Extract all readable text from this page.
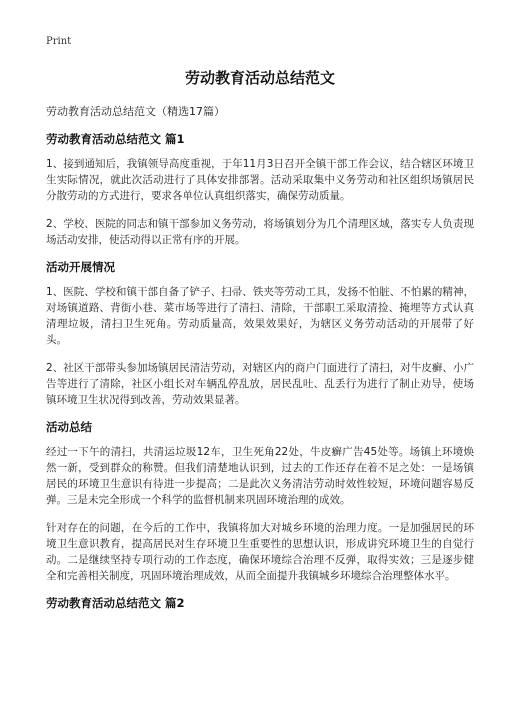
Print
劳动教育活动总结范文

劳动教育活动总结范文（精选17篇）

劳动教育活动总结范文 篇1

1、接到通知后，我镇领导高度重视，于年11月3日召开全镇干部工作会议，结合辖区环境卫生实际情况，就此次活动进行了具体安排部署。活动采取集中义务劳动和社区组织场镇居民分散劳动的方式进行，要求各单位认真组织落实，确保劳动质量。

2、学校、医院的同志和镇干部参加义务劳动，将场镇划分为几个清理区域，落实专人负责现场活动安排，使活动得以正常有序的开展。

活动开展情况

1、医院、学校和镇干部自备了铲子、扫帚、铁夹等劳动工具，发扬不怕脏、不怕累的精神，对场镇道路、背街小巷、菜市场等进行了清扫、清除，干部职工采取清捡、掩埋等方式认真清理垃圾，清扫卫生死角。劳动质量高，效果效果好，为辖区义务劳动活动的开展带了好头。

2、社区干部带头参加场镇居民清洁劳动，对辖区内的商户门面进行了清扫，对牛皮癣、小广告等进行了清除，社区小组长对车辆乱停乱放，居民乱吐、乱丢行为进行了制止劝导，使场镇环境卫生状况得到改善，劳动效果显著。

活动总结

经过一下午的清扫，共清运垃圾12车，卫生死角22处，牛皮癣广告45处等。场镇上环境焕然一新，受到群众的称赞。但我们清楚地认识到，过去的工作还存在着不足之处：一是场镇居民的环境卫生意识有待进一步提高；二是此次义务清洁劳动时效性较短，环境问题容易反弹。三是未完全形成一个科学的监督机制来巩固环境治理的成效。

针对存在的问题，在今后的工作中，我镇将加大对城乡环境的治理力度。一是加强居民的环境卫生意识教育，提高居民对生存环境卫生重要性的思想认识，形成讲究环境卫生的自觉行动。二是继续坚持专项行动的工作态度，确保环境综合治理不反弹，取得实效；三是逐步健全和完善相关制度，巩固环境治理成效，从而全面提升我镇城乡环境综合治理整体水平。

劳动教育活动总结范文 篇2
